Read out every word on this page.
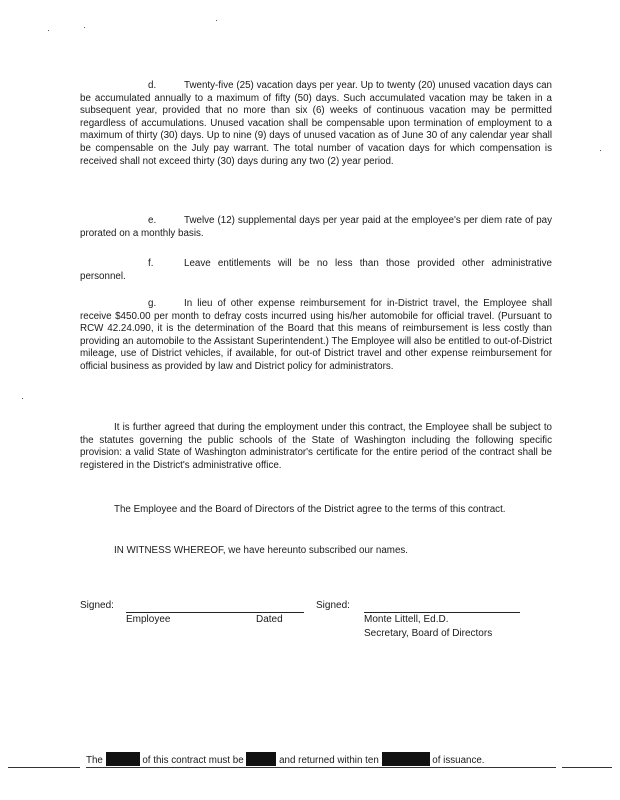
d.	Twenty-five (25) vacation days per year. Up to twenty (20) unused vacation days can be accumulated annually to a maximum of fifty (50) days. Such accumulated vacation may be taken in a subsequent year, provided that no more than six (6) weeks of continuous vacation may be permitted regardless of accumulations. Unused vacation shall be compensable upon termination of employment to a maximum of thirty (30) days. Up to nine (9) days of unused vacation as of June 30 of any calendar year shall be compensable on the July pay warrant. The total number of vacation days for which compensation is received shall not exceed thirty (30) days during any two (2) year period.

e.	Twelve (12) supplemental days per year paid at the employee's per diem rate of pay prorated on a monthly basis.

f.	Leave entitlements will be no less than those provided other administrative personnel.

g.	In lieu of other expense reimbursement for in-District travel, the Employee shall receive $450.00 per month to defray costs incurred using his/her automobile for official travel. (Pursuant to RCW 42.24.090, it is the determination of the Board that this means of reimbursement is less costly than providing an automobile to the Assistant Superintendent.) The Employee will also be entitled to out-of-District mileage, use of District vehicles, if available, for out-of District travel and other expense reimbursement for official business as provided by law and District policy for administrators.

It is further agreed that during the employment under this contract, the Employee shall be subject to the statutes governing the public schools of the State of Washington including the following specific provision: a valid State of Washington administrator's certificate for the entire period of the contract shall be registered in the District's administrative office.

The Employee and the Board of Directors of the District agree to the terms of this contract.

IN WITNESS WHEREOF, we have hereunto subscribed our names.

Signed:
Employee	Dated
Signed:
Monte Littell, Ed.D.
Secretary, Board of Directors
The	of this contract must be	and returned within ten	of issuance.
